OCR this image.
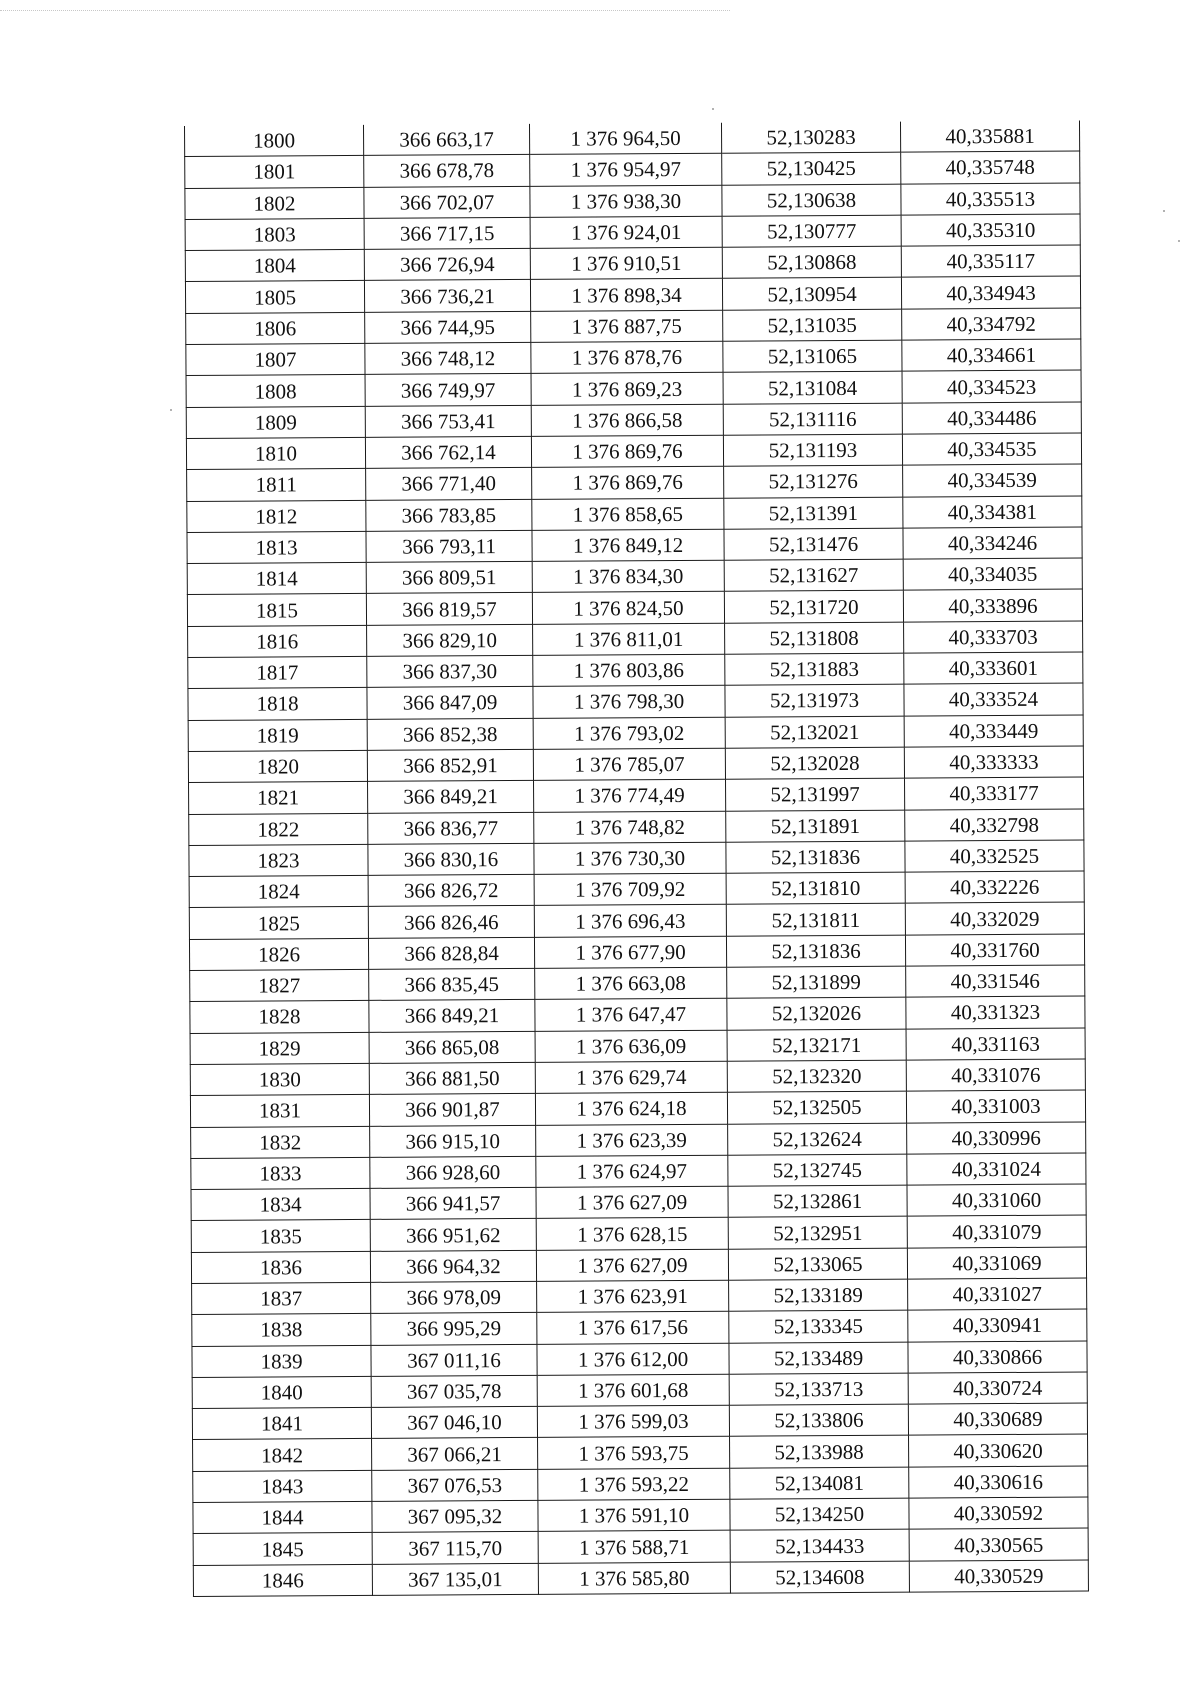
1800	366 663,17	1 376 964,50	52,130283	40,335881
1801	366 678,78	1 376 954,97	52,130425	40,335748
1802	366 702,07	1 376 938,30	52,130638	40,335513
1803	366 717,15	1 376 924,01	52,130777	40,335310
1804	366 726,94	1 376 910,51	52,130868	40,335117
1805	366 736,21	1 376 898,34	52,130954	40,334943
1806	366 744,95	1 376 887,75	52,131035	40,334792
1807	366 748,12	1 376 878,76	52,131065	40,334661
1808	366 749,97	1 376 869,23	52,131084	40,334523
1809	366 753,41	1 376 866,58	52,131116	40,334486
1810	366 762,14	1 376 869,76	52,131193	40,334535
1811	366 771,40	1 376 869,76	52,131276	40,334539
1812	366 783,85	1 376 858,65	52,131391	40,334381
1813	366 793,11	1 376 849,12	52,131476	40,334246
1814	366 809,51	1 376 834,30	52,131627	40,334035
1815	366 819,57	1 376 824,50	52,131720	40,333896
1816	366 829,10	1 376 811,01	52,131808	40,333703
1817	366 837,30	1 376 803,86	52,131883	40,333601
1818	366 847,09	1 376 798,30	52,131973	40,333524
1819	366 852,38	1 376 793,02	52,132021	40,333449
1820	366 852,91	1 376 785,07	52,132028	40,333333
1821	366 849,21	1 376 774,49	52,131997	40,333177
1822	366 836,77	1 376 748,82	52,131891	40,332798
1823	366 830,16	1 376 730,30	52,131836	40,332525
1824	366 826,72	1 376 709,92	52,131810	40,332226
1825	366 826,46	1 376 696,43	52,131811	40,332029
1826	366 828,84	1 376 677,90	52,131836	40,331760
1827	366 835,45	1 376 663,08	52,131899	40,331546
1828	366 849,21	1 376 647,47	52,132026	40,331323
1829	366 865,08	1 376 636,09	52,132171	40,331163
1830	366 881,50	1 376 629,74	52,132320	40,331076
1831	366 901,87	1 376 624,18	52,132505	40,331003
1832	366 915,10	1 376 623,39	52,132624	40,330996
1833	366 928,60	1 376 624,97	52,132745	40,331024
1834	366 941,57	1 376 627,09	52,132861	40,331060
1835	366 951,62	1 376 628,15	52,132951	40,331079
1836	366 964,32	1 376 627,09	52,133065	40,331069
1837	366 978,09	1 376 623,91	52,133189	40,331027
1838	366 995,29	1 376 617,56	52,133345	40,330941
1839	367 011,16	1 376 612,00	52,133489	40,330866
1840	367 035,78	1 376 601,68	52,133713	40,330724
1841	367 046,10	1 376 599,03	52,133806	40,330689
1842	367 066,21	1 376 593,75	52,133988	40,330620
1843	367 076,53	1 376 593,22	52,134081	40,330616
1844	367 095,32	1 376 591,10	52,134250	40,330592
1845	367 115,70	1 376 588,71	52,134433	40,330565
1846	367 135,01	1 376 585,80	52,134608	40,330529
